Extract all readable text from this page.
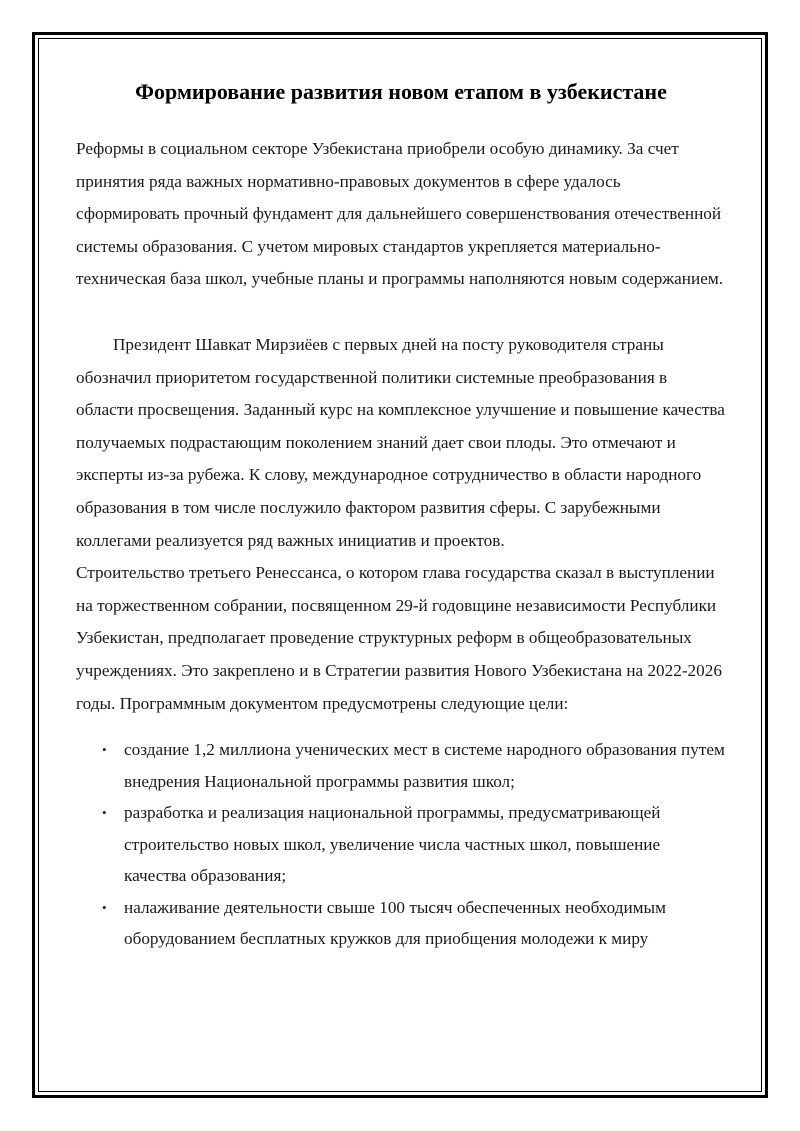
Формирование развития новом етапом в узбекистане

Реформы в социальном секторе Узбекистана приобрели особую динамику. За счет принятия ряда важных нормативно-правовых документов в сфере удалось сформировать прочный фундамент для дальнейшего совершенствования отечественной системы образования. С учетом мировых стандартов укрепляется материально-техническая база школ, учебные планы и программы наполняются новым содержанием.

Президент Шавкат Мирзиёев с первых дней на посту руководителя страны обозначил приоритетом государственной политики системные преобразования в области просвещения. Заданный курс на комплексное улучшение и повышение качества получаемых подрастающим поколением знаний дает свои плоды. Это отмечают и эксперты из-за рубежа. К слову, международное сотрудничество в области народного образования в том числе послужило фактором развития сферы. С зарубежными коллегами реализуется ряд важных инициатив и проектов.

Строительство третьего Ренессанса, о котором глава государства сказал в выступлении на торжественном собрании, посвященном 29-й годовщине независимости Республики Узбекистан, предполагает проведение структурных реформ в общеобразовательных учреждениях. Это закреплено и в Стратегии развития Нового Узбекистана на 2022-2026 годы. Программным документом предусмотрены следующие цели:

• создание 1,2 миллиона ученических мест в системе народного образования путем внедрения Национальной программы развития школ;
• разработка и реализация национальной программы, предусматривающей строительство новых школ, увеличение числа частных школ, повышение качества образования;
• налаживание деятельности свыше 100 тысяч обеспеченных необходимым оборудованием бесплатных кружков для приобщения молодежи к миру
